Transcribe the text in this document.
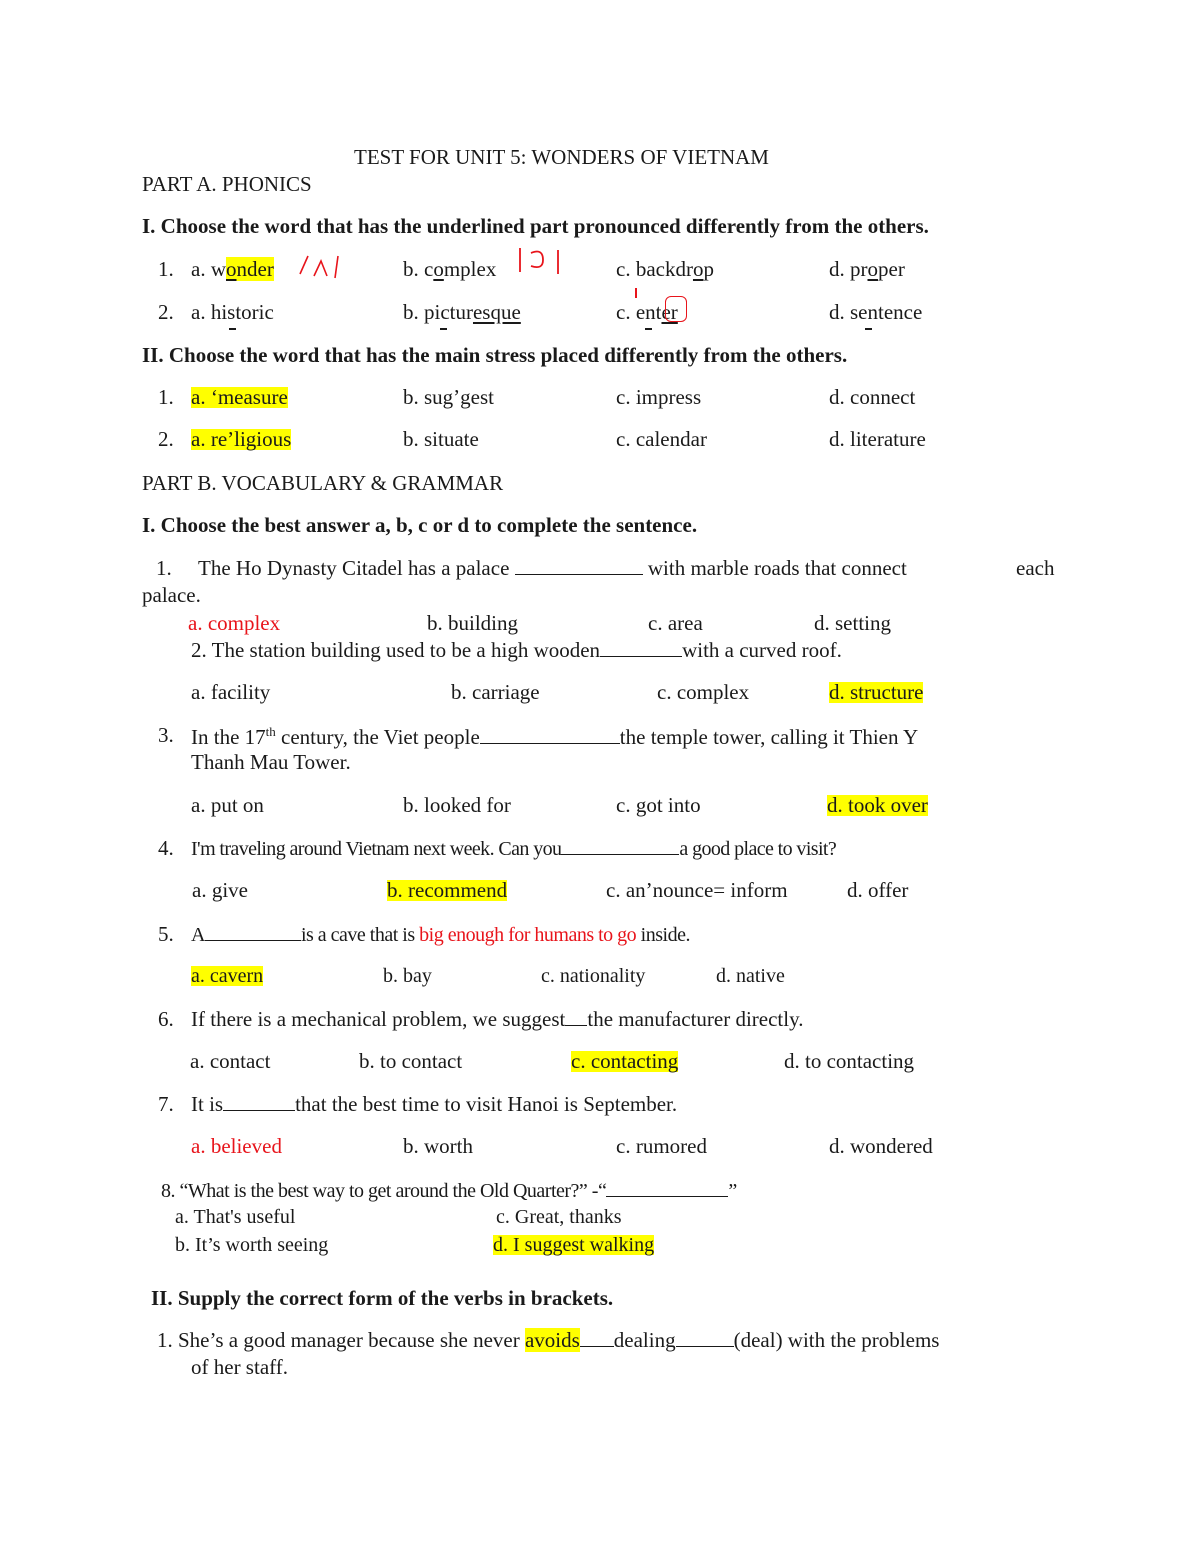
TEST FOR UNIT 5: WONDERS OF VIETNAM
PART A. PHONICS
I. Choose the word that has the underlined part pronounced differently from the others.
1. a. wonder	b. complex	c. backdrop	d. proper
2. a. historic	b. picturesque	c. enter	d. sentence
II. Choose the word that has the main stress placed differently from the others.
1. a. ‘measure	b. sug’gest	c. impress	d. connect
2. a. re’ligious	b. situate	c. calendar	d. literature
PART B. VOCABULARY & GRAMMAR
I. Choose the best answer a, b, c or d to complete the sentence.
1. The Ho Dynasty Citadel has a palace	with marble roads that connect	each
palace.
a. complex	b. building	c. area	d. setting
2. The station building used to be a high wooden	with a curved roof.
a. facility	b. carriage	c. complex	d. structure
3. In the 17th century, the Viet people	the temple tower, calling it Thien Y
Thanh Mau Tower.
a. put on	b. looked for	c. got into	d. took over
4. I'm traveling around Vietnam next week. Can you	a good place to visit?
a. give	b. recommend	c. an’nounce= inform	d. offer
5. A	is a cave that is big enough for humans to go inside.
a. cavern	b. bay	c. nationality	d. native
6. If there is a mechanical problem, we suggest the manufacturer directly.
a. contact	b. to contact	c. contacting	d. to contacting
7. It is	that the best time to visit Hanoi is September.
a. believed	b. worth	c. rumored	d. wondered
8. “What is the best way to get around the Old Quarter?” -“	”
a. That's useful	c. Great, thanks
b. It’s worth seeing	d. I suggest walking
II. Supply the correct form of the verbs in brackets.
1. She’s a good manager because she never avoids dealing	(deal) with the problems
of her staff.
